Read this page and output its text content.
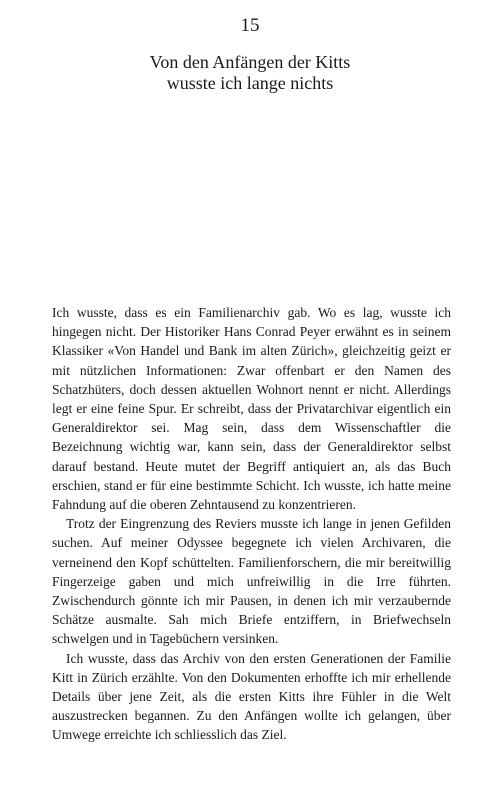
15
Von den Anfängen der Kitts
wusste ich lange nichts

Ich wusste, dass es ein Familienarchiv gab. Wo es lag, wusste ich hingegen nicht. Der Historiker Hans Conrad Peyer erwähnt es in seinem Klassiker «Von Handel und Bank im alten Zürich», gleichzeitig geizt er mit nützlichen Informationen: Zwar offenbart er den Namen des Schatzhüters, doch dessen aktuellen Wohnort nennt er nicht. Allerdings legt er eine feine Spur. Er schreibt, dass der Privatarchivar eigentlich ein Generaldirektor sei. Mag sein, dass dem Wissenschaftler die Bezeichnung wichtig war, kann sein, dass der Generaldirektor selbst darauf bestand. Heute mutet der Begriff antiquiert an, als das Buch erschien, stand er für eine bestimmte Schicht. Ich wusste, ich hatte meine Fahndung auf die oberen Zehntausend zu konzentrieren.

Trotz der Eingrenzung des Reviers musste ich lange in jenen Gefilden suchen. Auf meiner Odyssee begegnete ich vielen Archivaren, die verneinend den Kopf schüttelten. Familienforschern, die mir bereitwillig Fingerzeige gaben und mich unfreiwillig in die Irre führten. Zwischendurch gönnte ich mir Pausen, in denen ich mir verzaubernde Schätze ausmalte. Sah mich Briefe entziffern, in Briefwechseln schwelgen und in Tagebüchern versinken.

Ich wusste, dass das Archiv von den ersten Generationen der Familie Kitt in Zürich erzählte. Von den Dokumenten erhoffte ich mir erhellende Details über jene Zeit, als die ersten Kitts ihre Fühler in die Welt auszustrecken begannen. Zu den Anfängen wollte ich gelangen, über Umwege erreichte ich schliesslich das Ziel.
